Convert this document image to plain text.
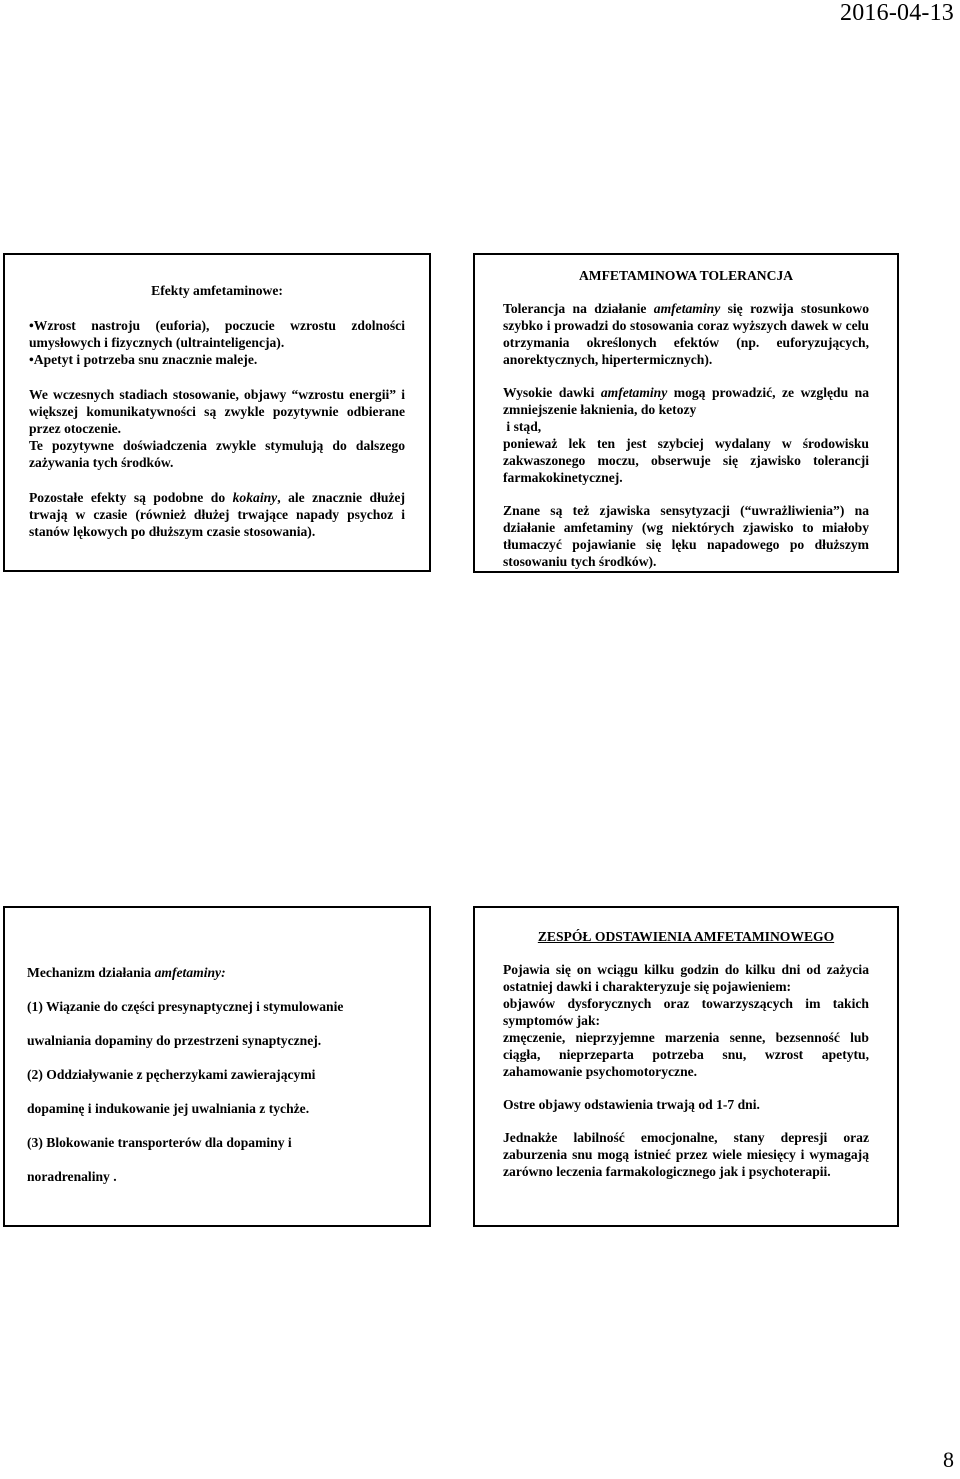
2016-04-13

Efekty amfetaminowe:

•Wzrost nastroju (euforia), poczucie wzrostu zdolności umysłowych i fizycznych (ultrainteligencja).

•Apetyt i potrzeba snu znacznie maleje.

We wczesnych stadiach stosowanie, objawy “wzrostu energii” i większej komunikatywności są zwykle pozytywnie odbierane przez otoczenie.

Te pozytywne doświadczenia zwykle stymulują do dalszego zażywania tych środków.

Pozostałe efekty są podobne do kokainy, ale znacznie dłużej trwają w czasie (również dłużej trwające napady psychoz i stanów lękowych po dłuższym czasie stosowania).

AMFETAMINOWA TOLERANCJA

Tolerancja na działanie amfetaminy się rozwija stosunkowo szybko i prowadzi do stosowania coraz wyższych dawek w celu otrzymania określonych efektów (np. euforyzujących, anorektycznych, hipertermicznych).

Wysokie dawki amfetaminy mogą prowadzić, ze względu na zmniejszenie łaknienia, do ketozy

i stąd,

ponieważ lek ten jest szybciej wydalany w środowisku zakwaszonego moczu, obserwuje się zjawisko tolerancji farmakokinetycznej.

Znane są też zjawiska sensytyzacji (“uwrażliwienia”) na działanie amfetaminy (wg niektórych zjawisko to miałoby tłumaczyć pojawianie się lęku napadowego po dłuższym stosowaniu tych środków).

Mechanizm działania amfetaminy:

(1) Wiązanie do części presynaptycznej i stymulowanie

uwalniania dopaminy do przestrzeni synaptycznej.

(2) Oddziaływanie z pęcherzykami zawierającymi

dopaminę i indukowanie jej uwalniania z tychże.

(3) Blokowanie transporterów dla dopaminy i

noradrenaliny .

ZESPÓŁ ODSTAWIENIA AMFETAMINOWEGO

Pojawia się on wciągu kilku godzin do kilku dni od zażycia ostatniej dawki i charakteryzuje się pojawieniem:

objawów dysforycznych oraz towarzyszących im takich symptomów jak:

zmęczenie, nieprzyjemne marzenia senne, bezsenność lub ciągła, nieprzeparta potrzeba snu, wzrost apetytu, zahamowanie psychomotoryczne.

Ostre objawy odstawienia trwają od 1-7 dni.

Jednakże labilność emocjonalne, stany depresji oraz zaburzenia snu mogą istnieć przez wiele miesięcy i wymagają zarówno leczenia farmakologicznego jak i psychoterapii.

8
